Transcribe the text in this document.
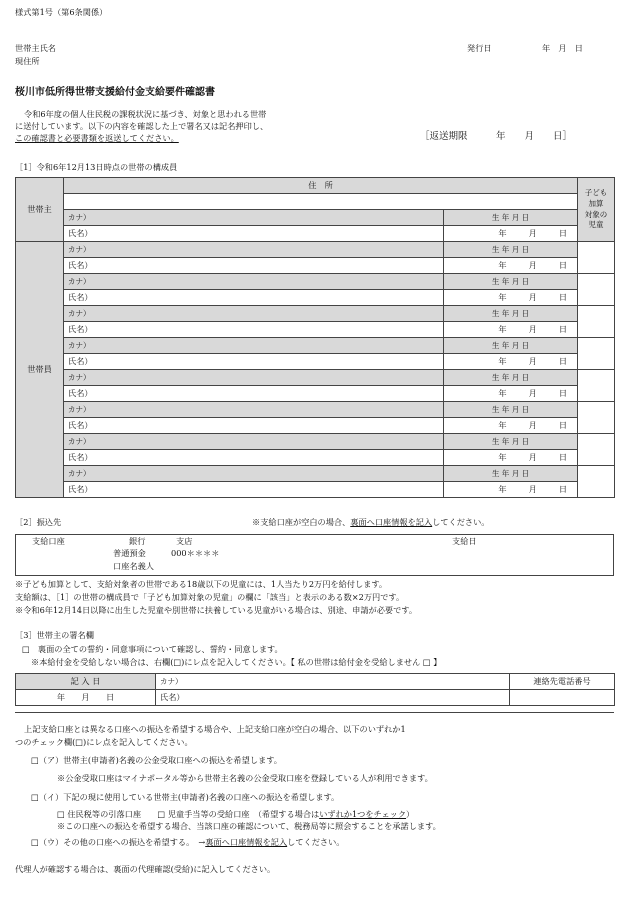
様式第1号（第6条関係）
世帯主氏名
現住所
発行日	年　月　日
桜川市低所得世帯支援給付金支給要件確認書
令和6年度の個人住民税の課税状況に基づき、対象と思われる世帯
に送付しています。以下の内容を確認した上で署名又は記名押印し、
この確認書と必要書類を返送してください。	［返送期限　　　年　　月　　日］
［1］令和6年12月13日時点の世帯の構成員
世帯主	住　所		子ども
加算
対象の
児童

	カナ）	生 年 月 日	
	氏名）	年 月 日	
世帯員	カナ）	生 年 月 日	
	氏名）	年 月 日	
	カナ）	生 年 月 日	
	氏名）	年 月 日	
	カナ）	生 年 月 日	
	氏名）	年 月 日	
	カナ）	生 年 月 日	
	氏名）	年 月 日	
	カナ）	生 年 月 日	
	氏名）	年 月 日	
	カナ）	生 年 月 日	
	氏名）	年 月 日	
	カナ）	生 年 月 日	
	氏名）	年 月 日	
	カナ）	生 年 月 日	
	氏名）	年 月 日	
［2］振込先	※支給口座が空白の場合、裏面へ口座情報を記入してください。
支給口座	銀行	支店
普通預金	000＊＊＊＊
口座名義人
支給日
※子ども加算として、支給対象者の世帯である18歳以下の児童には、1人当たり2万円を給付します。
支給額は、［1］の世帯の構成員で「子ども加算対象の児童」の欄に「該当」と表示のある数×2万円です。
※令和6年12月14日以降に出生した児童や別世帯に扶養している児童がいる場合は、別途、申請が必要です。
［3］世帯主の署名欄
□　裏面の全ての誓約・同意事項について確認し、誓約・同意します。
※本給付金を受給しない場合は、右欄(□)にレ点を記入してください。【 私の世帯は給付金を受給しません □ 】
記 入 日	カナ）	連絡先電話番号
年　　月　　日	氏名）	
上記支給口座とは異なる口座への振込を希望する場合や、上記支給口座が空白の場合、以下のいずれか1
つのチェック欄(□)にレ点を記入してください。
□（ア）世帯主(申請者)名義の公金受取口座への振込を希望します。
※公金受取口座はマイナポータル等から世帯主名義の公金受取口座を登録している人が利用できます。
□（イ）下記の現に使用している世帯主(申請者)名義の口座への振込を希望します。
□ 住民税等の引落口座　　□ 児童手当等の受給口座　（希望する場合はいずれか1つをチェック）
※この口座への振込を希望する場合、当該口座の確認について、税務局等に照会することを承諾します。
□（ウ）その他の口座への振込を希望する。　→裏面へ口座情報を記入してください。
代理人が確認する場合は、裏面の代理確認(受給)に記入してください。
